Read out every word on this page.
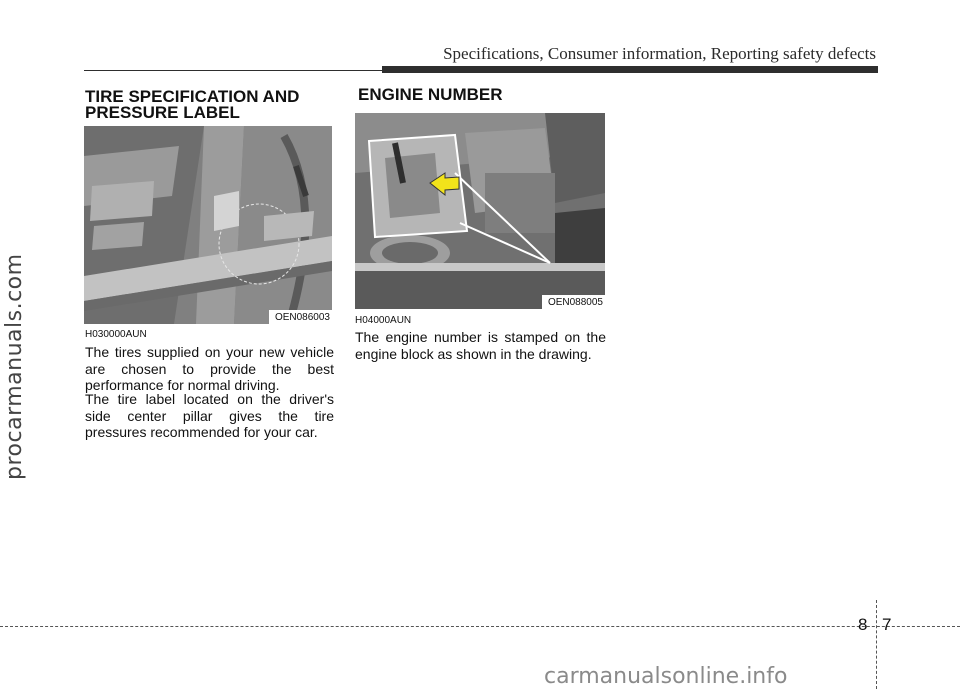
Specifications, Consumer information, Reporting safety defects
procarmanuals.com
TIRE SPECIFICATION AND
PRESSURE LABEL
OEN086003
H030000AUN
The tires supplied on your new vehicle are chosen to provide the best performance for normal driving.
The tire label located on the driver's side center pillar gives the tire pressures recommended for your car.
ENGINE NUMBER
OEN088005
H04000AUN
The engine number is stamped on the engine block as shown in the drawing.
8 7
carmanualsonline.info
